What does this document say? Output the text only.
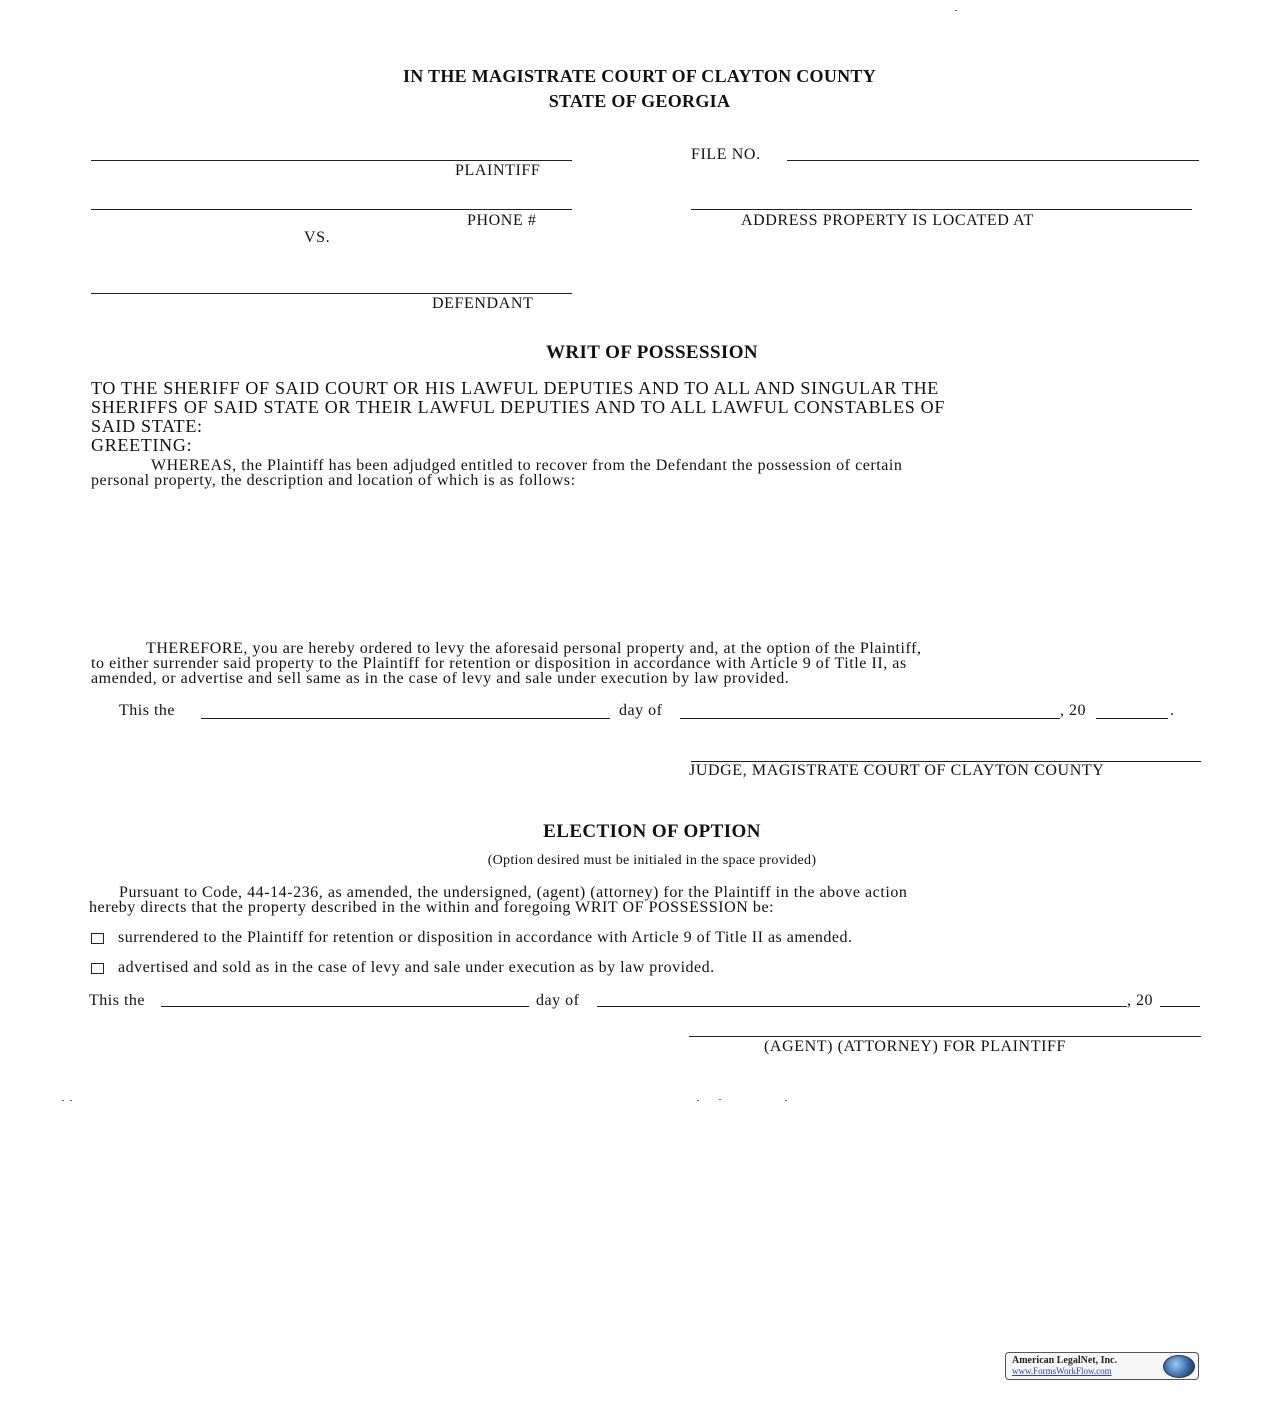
IN THE MAGISTRATE COURT OF CLAYTON COUNTY
STATE OF GEORGIA
PLAINTIFF
FILE NO.
PHONE #	ADDRESS PROPERTY IS LOCATED AT
VS.
DEFENDANT
WRIT OF POSSESSION
TO THE SHERIFF OF SAID COURT OR HIS LAWFUL DEPUTIES AND TO ALL AND SINGULAR THE
SHERIFFS OF SAID STATE OR THEIR LAWFUL DEPUTIES AND TO ALL LAWFUL CONSTABLES OF
SAID STATE:
GREETING:
WHEREAS, the Plaintiff has been adjudged entitled to recover from the Defendant the possession of certain
personal property, the description and location of which is as follows:
THEREFORE, you are hereby ordered to levy the aforesaid personal property and, at the option of the Plaintiff,
to either surrender said property to the Plaintiff for retention or disposition in accordance with Article 9 of Title II, as
amended, or advertise and sell same as in the case of levy and sale under execution by law provided.
This the	day of	, 20	.
JUDGE, MAGISTRATE COURT OF CLAYTON COUNTY
ELECTION OF OPTION
(Option desired must be initialed in the space provided)
Pursuant to Code, 44-14-236, as amended, the undersigned, (agent) (attorney) for the Plaintiff in the above action
hereby directs that the property described in the within and foregoing WRIT OF POSSESSION be:
surrendered to the Plaintiff for retention or disposition in accordance with Article 9 of Title II as amended.
advertised and sold as in the case of levy and sale under execution as by law provided.
This the	day of	, 20
(AGENT) (ATTORNEY) FOR PLAINTIFF
American LegalNet, Inc.
www.FormsWorkFlow.com
